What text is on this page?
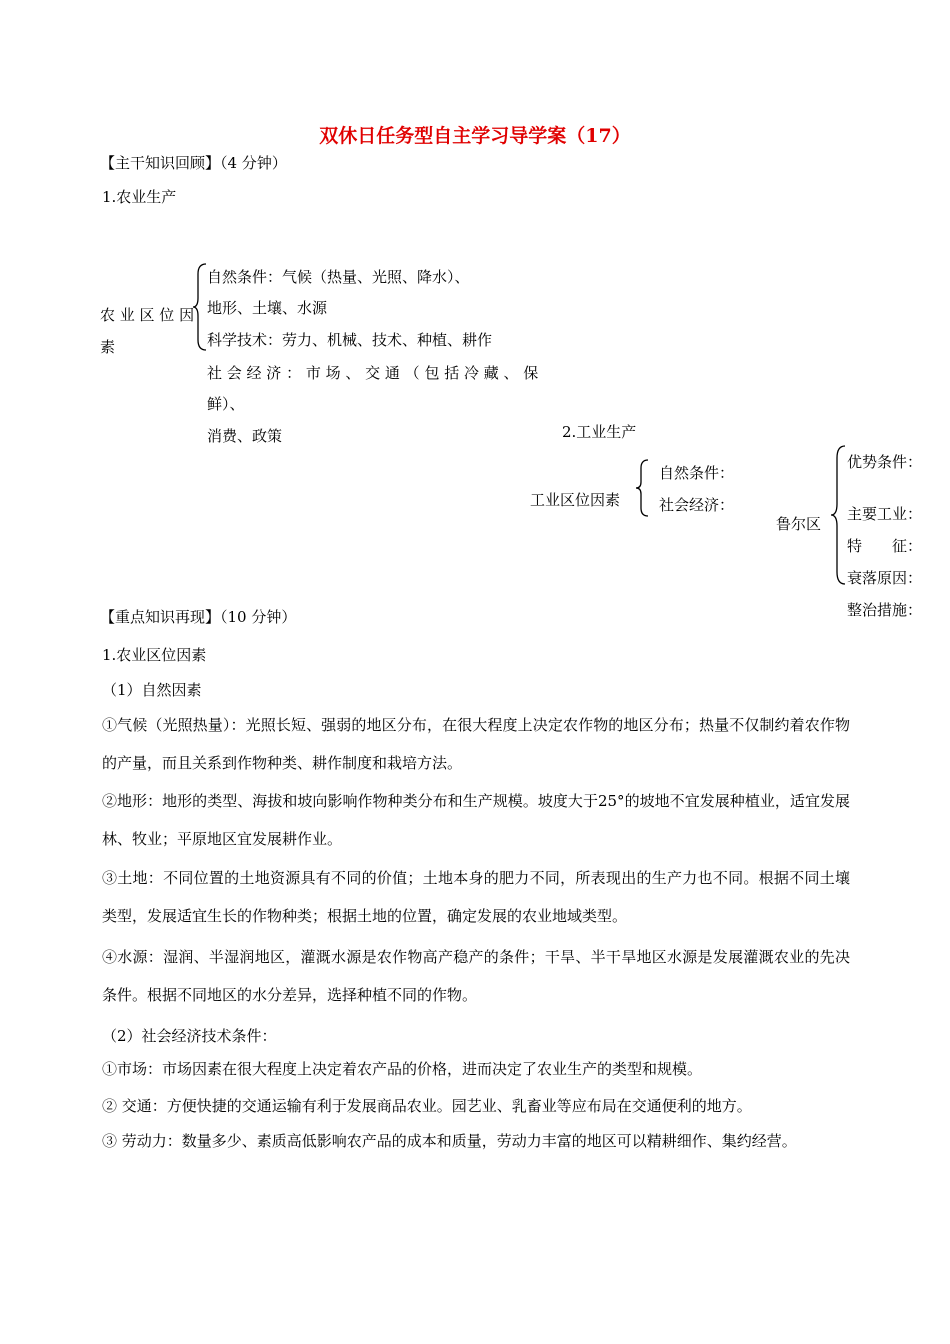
双休日任务型自主学习导学案（17）
【主干知识回顾】（4 分钟）
1.农业生产
农 业 区 位 因
素
自然条件：气候（热量、光照、降水）、
地形、土壤、水源
科学技术：劳力、机械、技术、种植、耕作
社 会 经 济 ： 市 场 、 交 通 （ 包 括 冷 藏 、 保
鲜）、
消费、政策	2.工业生产
工业区位因素
自然条件：
社会经济：
鲁尔区
优势条件：
主要工业：
特　　征：
衰落原因：
整治措施：
【重点知识再现】（10 分钟）
1.农业区位因素
（1）自然因素
①气候（光照热量）：光照长短、强弱的地区分布，在很大程度上决定农作物的地区分布；热量不仅制约着农作物的产量，而且关系到作物种类、耕作制度和栽培方法。
②地形：地形的类型、海拔和坡向影响作物种类分布和生产规模。坡度大于25°的坡地不宜发展种植业，适宜发展林、牧业；平原地区宜发展耕作业。
③土地：不同位置的土地资源具有不同的价值；土地本身的肥力不同，所表现出的生产力也不同。根据不同土壤类型，发展适宜生长的作物种类；根据土地的位置，确定发展的农业地域类型。
④水源：湿润、半湿润地区，灌溉水源是农作物高产稳产的条件；干旱、半干旱地区水源是发展灌溉农业的先决条件。根据不同地区的水分差异，选择种植不同的作物。
（2）社会经济技术条件：
①市场：市场因素在很大程度上决定着农产品的价格，进而决定了农业生产的类型和规模。
② 交通：方便快捷的交通运输有利于发展商品农业。园艺业、乳畜业等应布局在交通便利的地方。
③ 劳动力：数量多少、素质高低影响农产品的成本和质量，劳动力丰富的地区可以精耕细作、集约经营。
